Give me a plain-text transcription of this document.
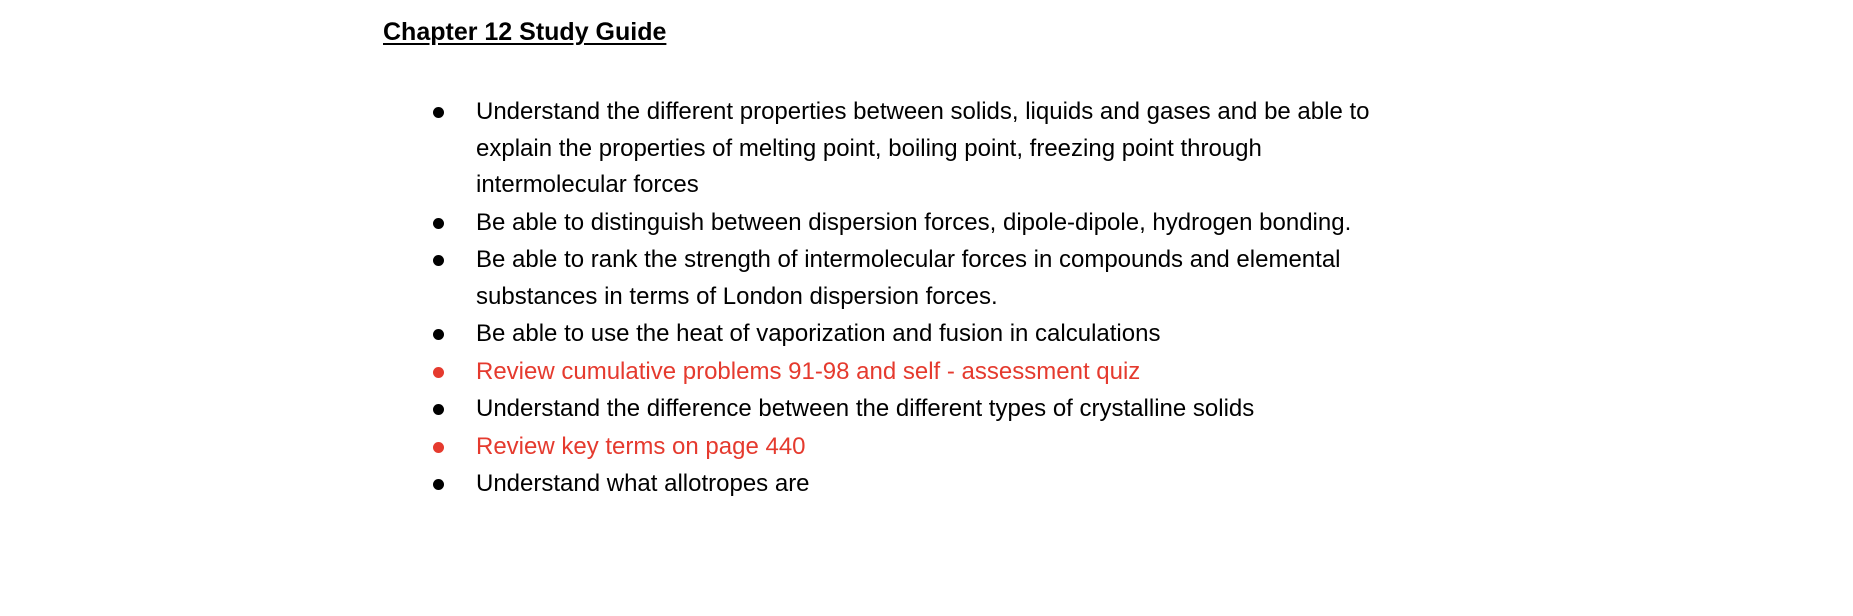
Chapter 12 Study Guide
Understand the different properties between solids, liquids and gases and be able to
explain the properties of melting point, boiling point, freezing point through
intermolecular forces
Be able to distinguish between dispersion forces, dipole-dipole, hydrogen bonding.
Be able to rank the strength of intermolecular forces in compounds and elemental
substances in terms of London dispersion forces.
Be able to use the heat of vaporization and fusion in calculations
Review cumulative problems 91-98 and self - assessment quiz
Understand the difference between the different types of crystalline solids
Review key terms on page 440
Understand what allotropes are
